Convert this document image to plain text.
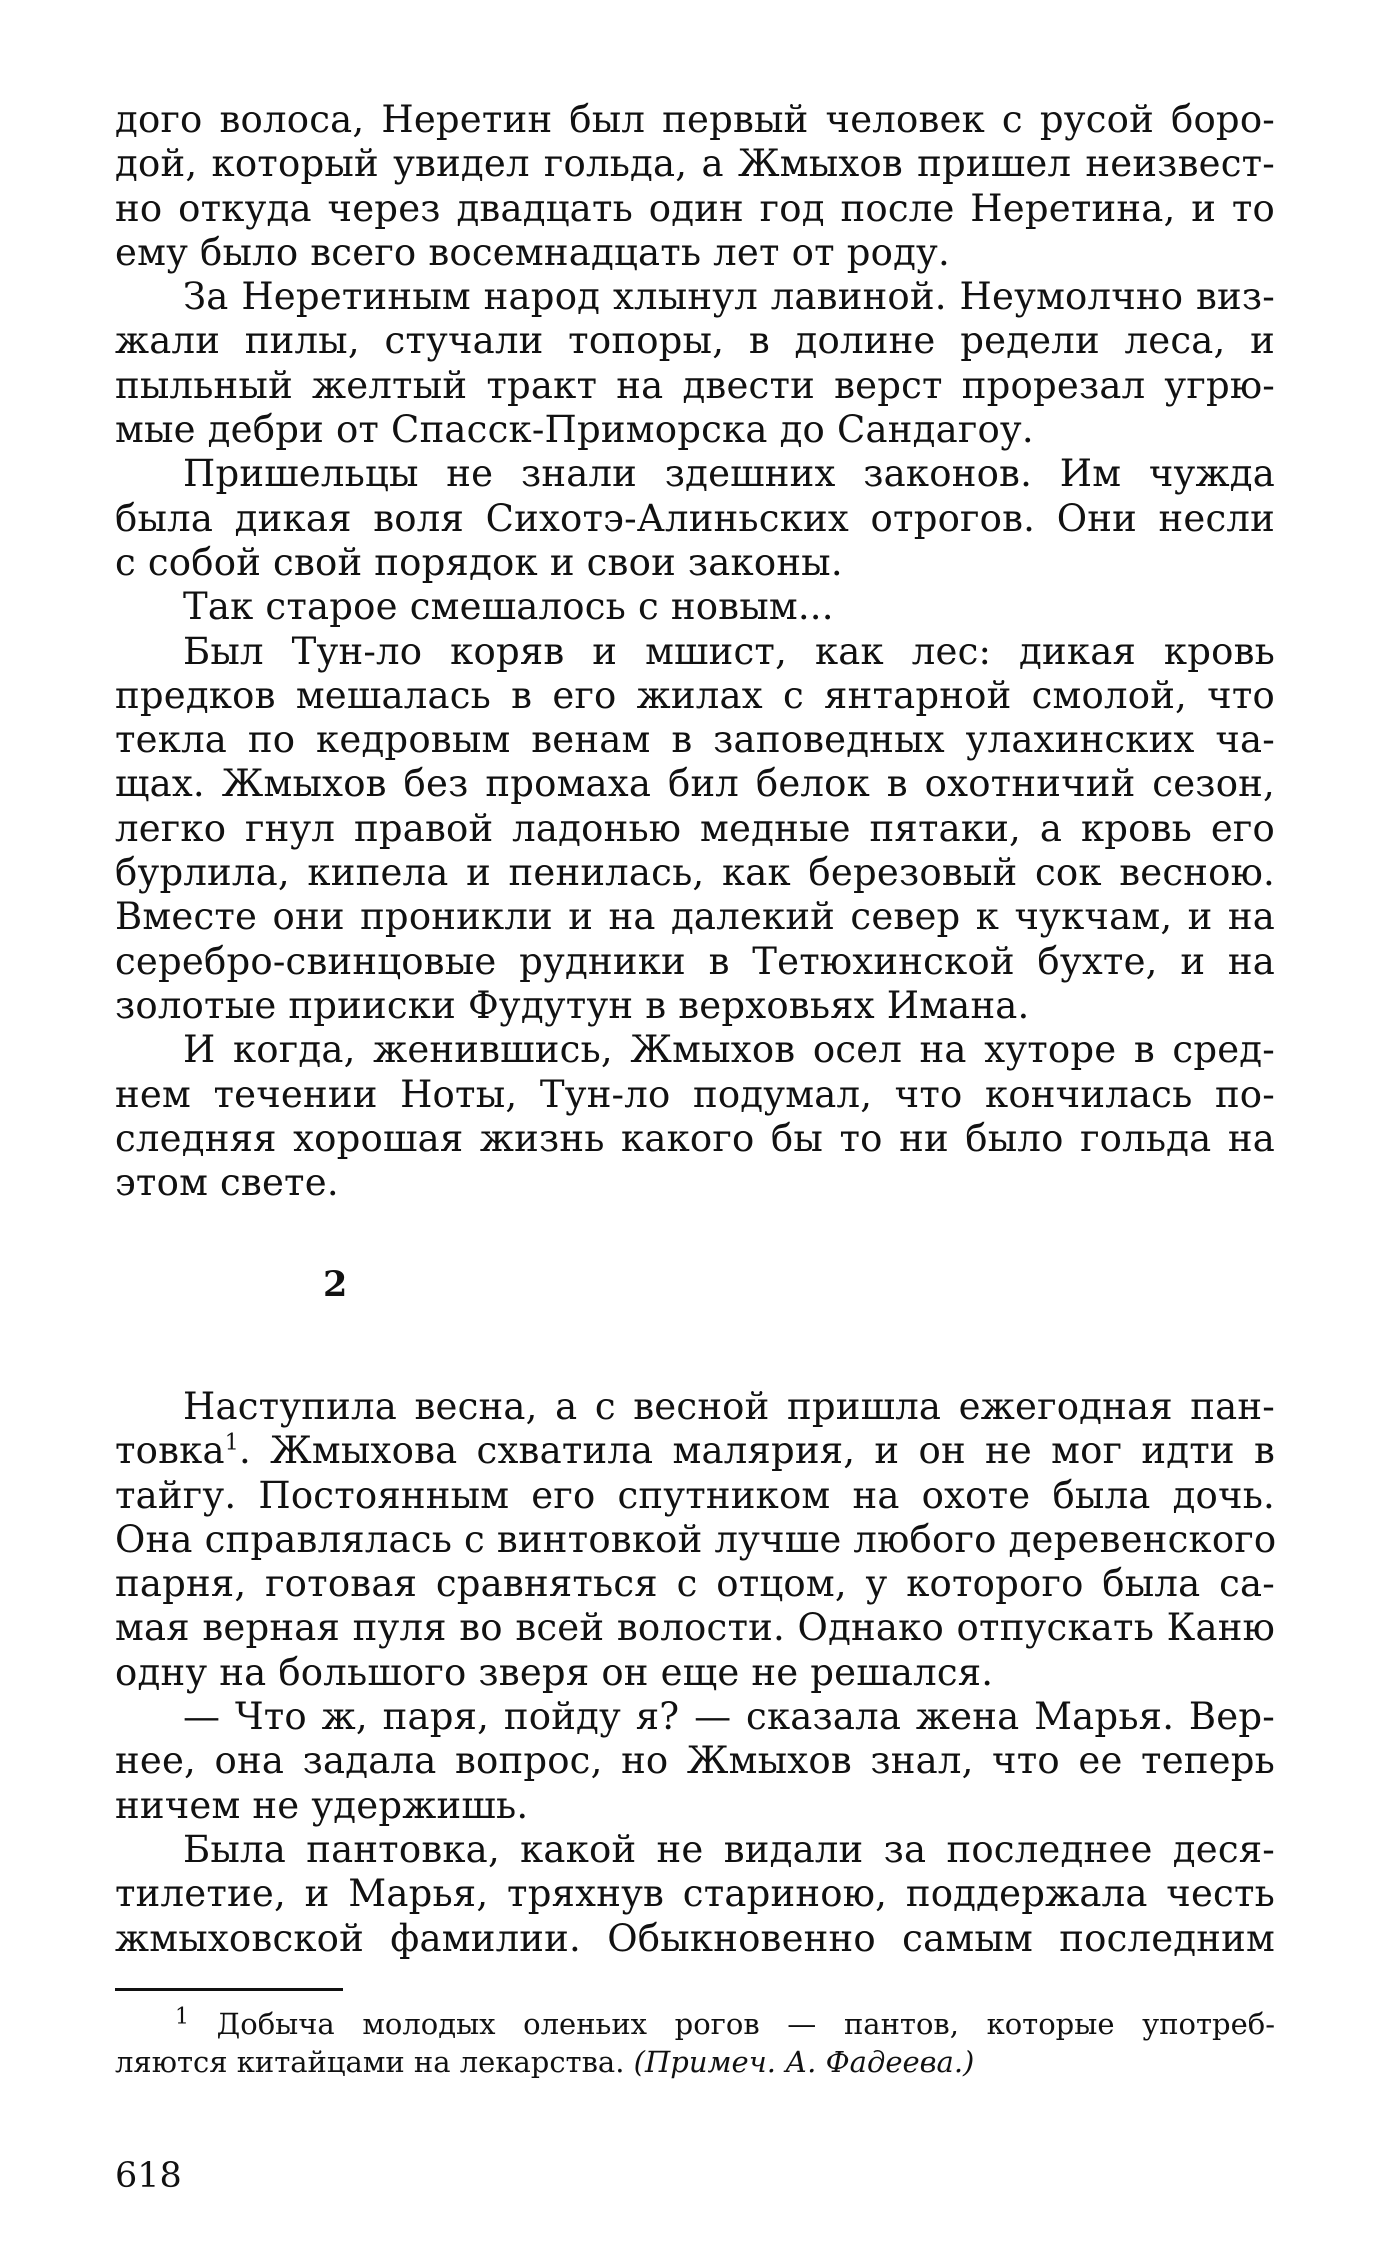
дого волоса, Неретин был первый человек с русой боро-
дой, который увидел гольда, а Жмыхов пришел неизвест-
но откуда через двадцать один год после Неретина, и то
ему было всего восемнадцать лет от роду.
За Неретиным народ хлынул лавиной. Неумолчно виз-
жали пилы, стучали топоры, в долине редели леса, и
пыльный желтый тракт на двести верст прорезал угрю-
мые дебри от Спасск-Приморска до Сандагоу.
Пришельцы не знали здешних законов. Им чужда
была дикая воля Сихотэ-Алиньских отрогов. Они несли
с собой свой порядок и свои законы.
Так старое смешалось с новым...
Был Тун-ло коряв и мшист, как лес: дикая кровь
предков мешалась в его жилах с янтарной смолой, что
текла по кедровым венам в заповедных улахинских ча-
щах. Жмыхов без промаха бил белок в охотничий сезон,
легко гнул правой ладонью медные пятаки, а кровь его
бурлила, кипела и пенилась, как березовый сок весною.
Вместе они проникли и на далекий север к чукчам, и на
серебро-свинцовые рудники в Тетюхинской бухте, и на
золотые прииски Фудутун в верховьях Имана.
И когда, женившись, Жмыхов осел на хуторе в сред-
нем течении Ноты, Тун-ло подумал, что кончилась по-
следняя хорошая жизнь какого бы то ни было гольда на
этом свете.
2
Наступила весна, а с весной пришла ежегодная пан-
товка$^1$. Жмыхова схватила малярия, и он не мог идти в
тайгу. Постоянным его спутником на охоте была дочь.
Она справлялась с винтовкой лучше любого деревенского
парня, готовая сравняться с отцом, у которого была са-
мая верная пуля во всей волости. Однако отпускать Каню
одну на большого зверя он еще не решался.
— Что ж, паря, пойду я? — сказала жена Марья. Вер-
нее, она задала вопрос, но Жмыхов знал, что ее теперь
ничем не удержишь.
Была пантовка, какой не видали за последнее деся-
тилетие, и Марья, тряхнув стариною, поддержала честь
жмыховской фамилии. Обыкновенно самым последним
$^1$ Добыча молодых оленьих рогов — пантов, которые употреб-
ляются китайцами на лекарства. (Примеч. А. Фадеева.)
618
